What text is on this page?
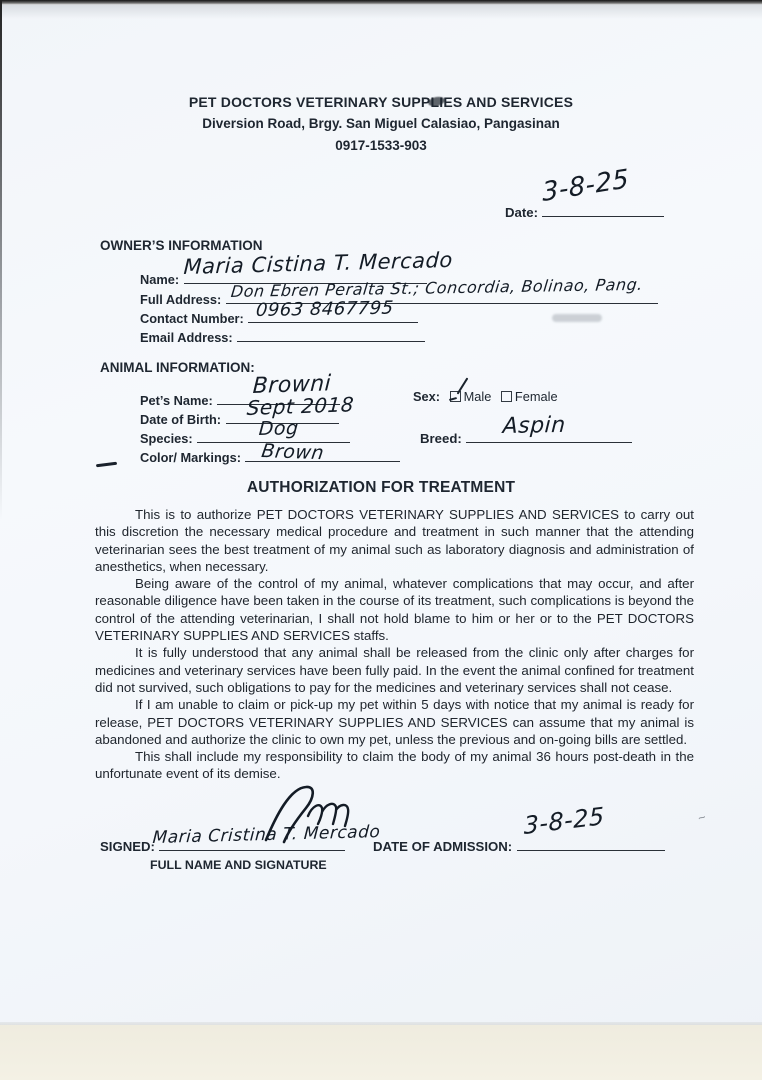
~
PET DOCTORS VETERINARY SUPPLIES AND SERVICES
Diversion Road, Brgy. San Miguel Calasiao, Pangasinan
0917-1533-903
Date:
3-8-25
OWNER’S INFORMATION
Name:
Maria Cistina T. Mercado
Full Address: Don Ebren Peralta St.; Concordia, Bolinao, Pang.
Contact Number: 0963 8467795
Email Address:
ANIMAL INFORMATION:
Pet’s Name:
Browni	Sex: Male Female
Date of Birth:	Sept 2018
Species:	Dog	Breed:	Aspin
Color/ Markings:	Brown
AUTHORIZATION FOR TREATMENT

This is to authorize PET DOCTORS VETERINARY SUPPLIES AND SERVICES to carry out this discretion the necessary medical procedure and treatment in such manner that the attending veterinarian sees the best treatment of my animal such as laboratory diagnosis and administration of anesthetics, when necessary.

Being aware of the control of my animal, whatever complications that may occur, and after reasonable diligence have been taken in the course of its treatment, such complications is beyond the control of the attending veterinarian, I shall not hold blame to him or her or to the PET DOCTORS VETERINARY SUPPLIES AND SERVICES staffs.

It is fully understood that any animal shall be released from the clinic only after charges for medicines and veterinary services have been fully paid. In the event the animal confined for treatment did not survived, such obligations to pay for the medicines and veterinary services shall not cease.

If I am unable to claim or pick-up my pet within 5 days with notice that my animal is ready for release, PET DOCTORS VETERINARY SUPPLIES AND SERVICES can assume that my animal is abandoned and authorize the clinic to own my pet, unless the previous and on-going bills are settled.

This shall include my responsibility to claim the body of my animal 36 hours post-death in the unfortunate event of its demise.

SIGNED:
Maria Cristina T. Mercado
FULL NAME AND SIGNATURE
DATE OF ADMISSION:
3-8-25
